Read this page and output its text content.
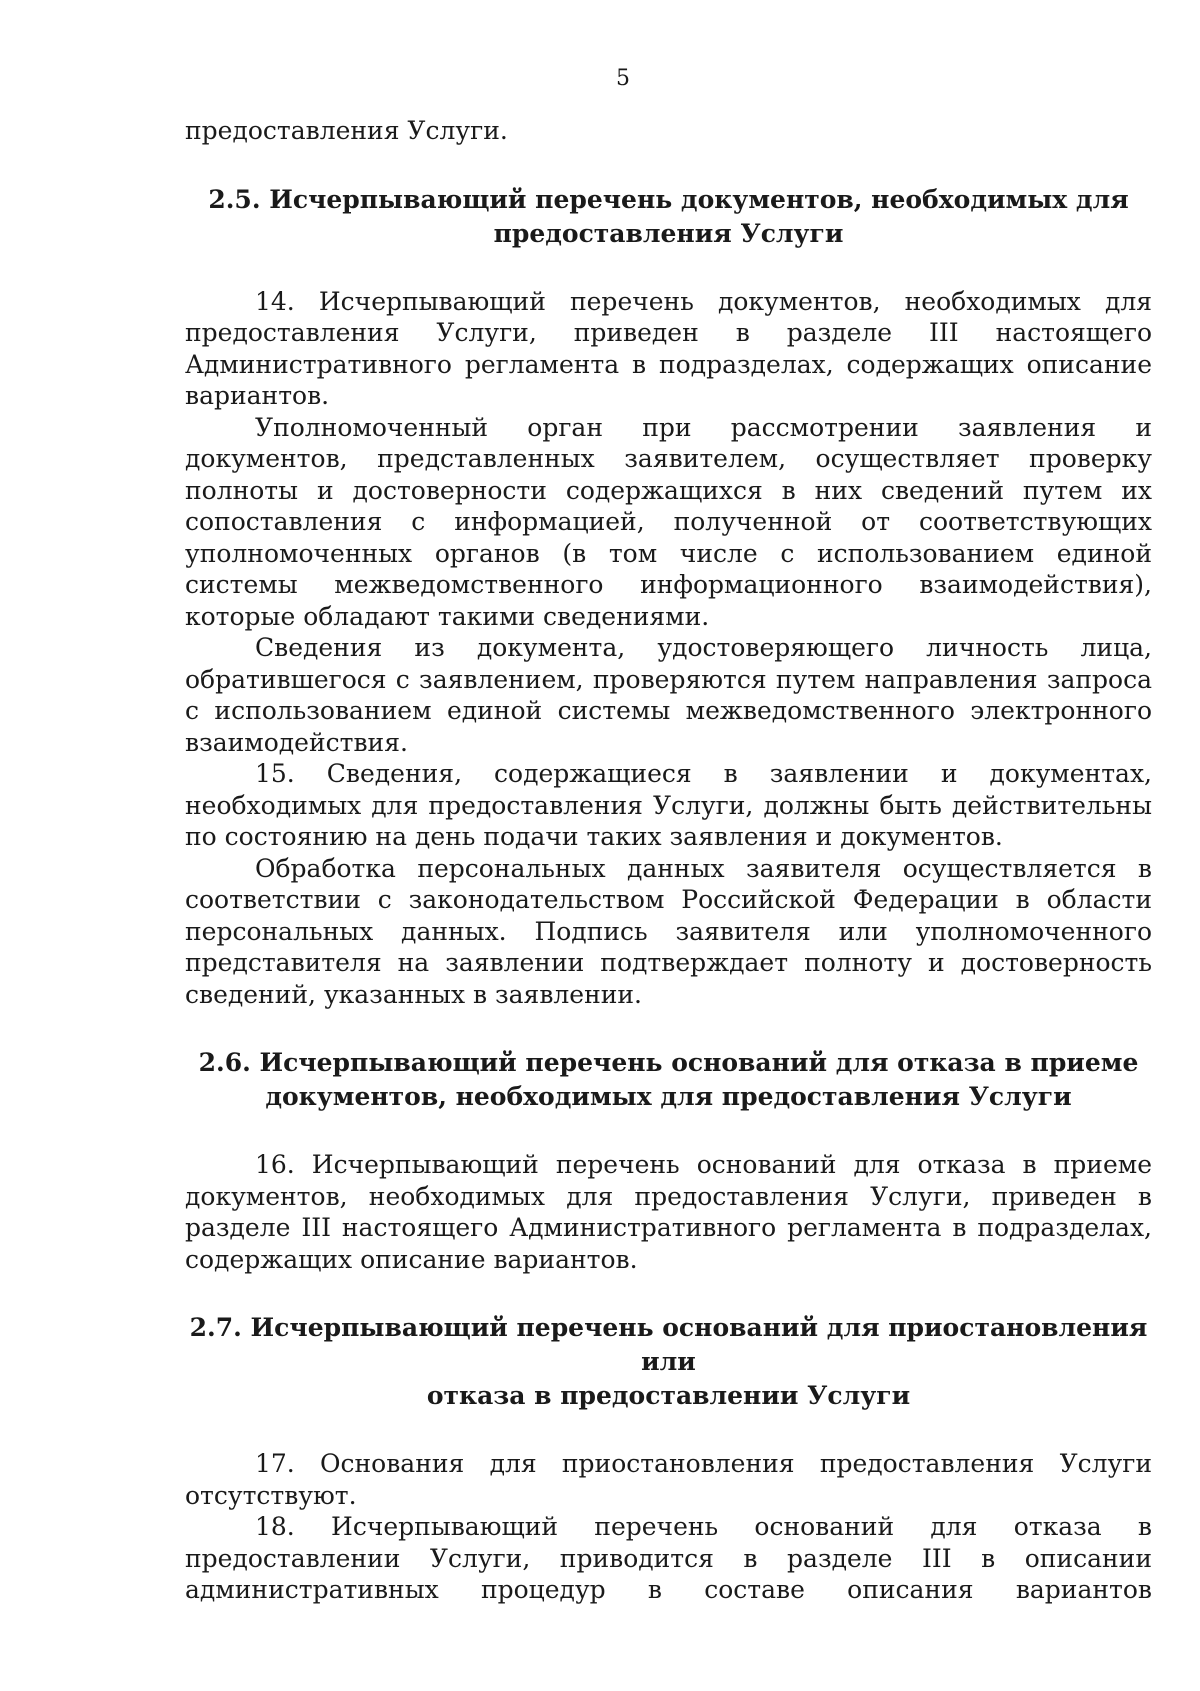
5

предоставления Услуги.

2.5. Исчерпывающий перечень документов, необходимых для
предоставления Услуги

14. Исчерпывающий перечень документов, необходимых для предоставления Услуги, приведен в разделе III настоящего Административного регламента в подразделах, содержащих описание вариантов.

Уполномоченный орган при рассмотрении заявления и документов, представленных заявителем, осуществляет проверку полноты и достоверности содержащихся в них сведений путем их сопоставления с информацией, полученной от соответствующих уполномоченных органов (в том числе с использованием единой системы межведомственного информационного взаимодействия), которые обладают такими сведениями.

Сведения из документа, удостоверяющего личность лица, обратившегося с заявлением, проверяются путем направления запроса с использованием единой системы межведомственного электронного взаимодействия.

15. Сведения, содержащиеся в заявлении и документах, необходимых для предоставления Услуги, должны быть действительны по состоянию на день подачи таких заявления и документов.

Обработка персональных данных заявителя осуществляется в соответствии с законодательством Российской Федерации в области персональных данных. Подпись заявителя или уполномоченного представителя на заявлении подтверждает полноту и достоверность сведений, указанных в заявлении.

2.6. Исчерпывающий перечень оснований для отказа в приеме
документов, необходимых для предоставления Услуги

16. Исчерпывающий перечень оснований для отказа в приеме документов, необходимых для предоставления Услуги, приведен в разделе III настоящего Административного регламента в подразделах, содержащих описание вариантов.

2.7. Исчерпывающий перечень оснований для приостановления или
отказа в предоставлении Услуги

17. Основания для приостановления предоставления Услуги отсутствуют.

18. Исчерпывающий перечень оснований для отказа в предоставлении Услуги, приводится в разделе III в описании административных процедур в составе описания вариантов
